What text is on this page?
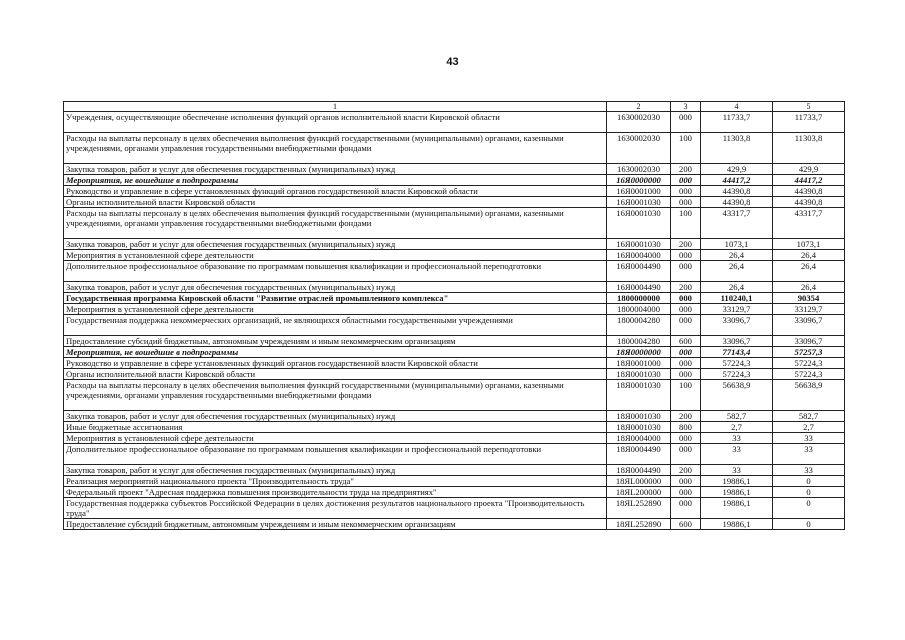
43
1	2	3	4	5
Учреждения, осуществляющие обеспечение исполнения функций органов исполнительной власти Кировской области	1630002030	000	11733,7	11733,7
Расходы на выплаты персоналу в целях обеспечения выполнения функций государственными (муниципальными) органами, казенными учреждениями, органами управления государственными внебюджетными фондами	1630002030	100	11303,8	11303,8
Закупка товаров, работ и услуг для обеспечения государственных (муниципальных) нужд	1630002030	200	429,9	429,9
Мероприятия, не вошедшие в подпрограммы	16Я0000000	000	44417,2	44417,2
Руководство и управление в сфере установленных функций органов государственной власти Кировской области	16Я0001000	000	44390,8	44390,8
Органы исполнительной власти Кировской области	16Я0001030	000	44390,8	44390,8
Расходы на выплаты персоналу в целях обеспечения выполнения функций государственными (муниципальными) органами, казенными учреждениями, органами управления государственными внебюджетными фондами	16Я0001030	100	43317,7	43317,7
Закупка товаров, работ и услуг для обеспечения государственных (муниципальных) нужд	16Я0001030	200	1073,1	1073,1
Мероприятия в установленной сфере деятельности	16Я0004000	000	26,4	26,4
Дополнительное профессиональное образование по программам повышения квалификации и профессиональной переподготовки	16Я0004490	000	26,4	26,4
Закупка товаров, работ и услуг для обеспечения государственных (муниципальных) нужд	16Я0004490	200	26,4	26,4
Государственная программа Кировской области "Развитие отраслей промышленного комплекса"	1800000000	000	110240,1	90354
Мероприятия в установленной сфере деятельности	1800004000	000	33129,7	33129,7
Государственная поддержка некоммерческих организаций, не являющихся областными государственными учреждениями	1800004280	000	33096,7	33096,7
Предоставление субсидий бюджетным, автономным учреждениям и иным некоммерческим организациям	1800004280	600	33096,7	33096,7
Мероприятия, не вошедшие в подпрограммы	18Я0000000	000	77143,4	57257,3
Руководство и управление в сфере установленных функций органов государственной власти Кировской области	18Я0001000	000	57224,3	57224,3
Органы исполнительной власти Кировской области	18Я0001030	000	57224,3	57224,3
Расходы на выплаты персоналу в целях обеспечения выполнения функций государственными (муниципальными) органами, казенными учреждениями, органами управления государственными внебюджетными фондами	18Я0001030	100	56638,9	56638,9
Закупка товаров, работ и услуг для обеспечения государственных (муниципальных) нужд	18Я0001030	200	582,7	582,7
Иные бюджетные ассигнования	18Я0001030	800	2,7	2,7
Мероприятия в установленной сфере деятельности	18Я0004000	000	33	33
Дополнительное профессиональное образование по программам повышения квалификации и профессиональной переподготовки	18Я0004490	000	33	33
Закупка товаров, работ и услуг для обеспечения государственных (муниципальных) нужд	18Я0004490	200	33	33
Реализация мероприятий национального проекта "Производительность труда"	18ЯL000000	000	19886,1	0
Федеральный проект "Адресная поддержка повышения производительности труда на предприятиях"	18ЯL200000	000	19886,1	0
Государственная поддержка субъектов Российской Федерации в целях достижения результатов национального проекта "Производительность труда"	18ЯL252890	000	19886,1	0
Предоставление субсидий бюджетным, автономным учреждениям и иным некоммерческим организациям	18ЯL252890	600	19886,1	0
